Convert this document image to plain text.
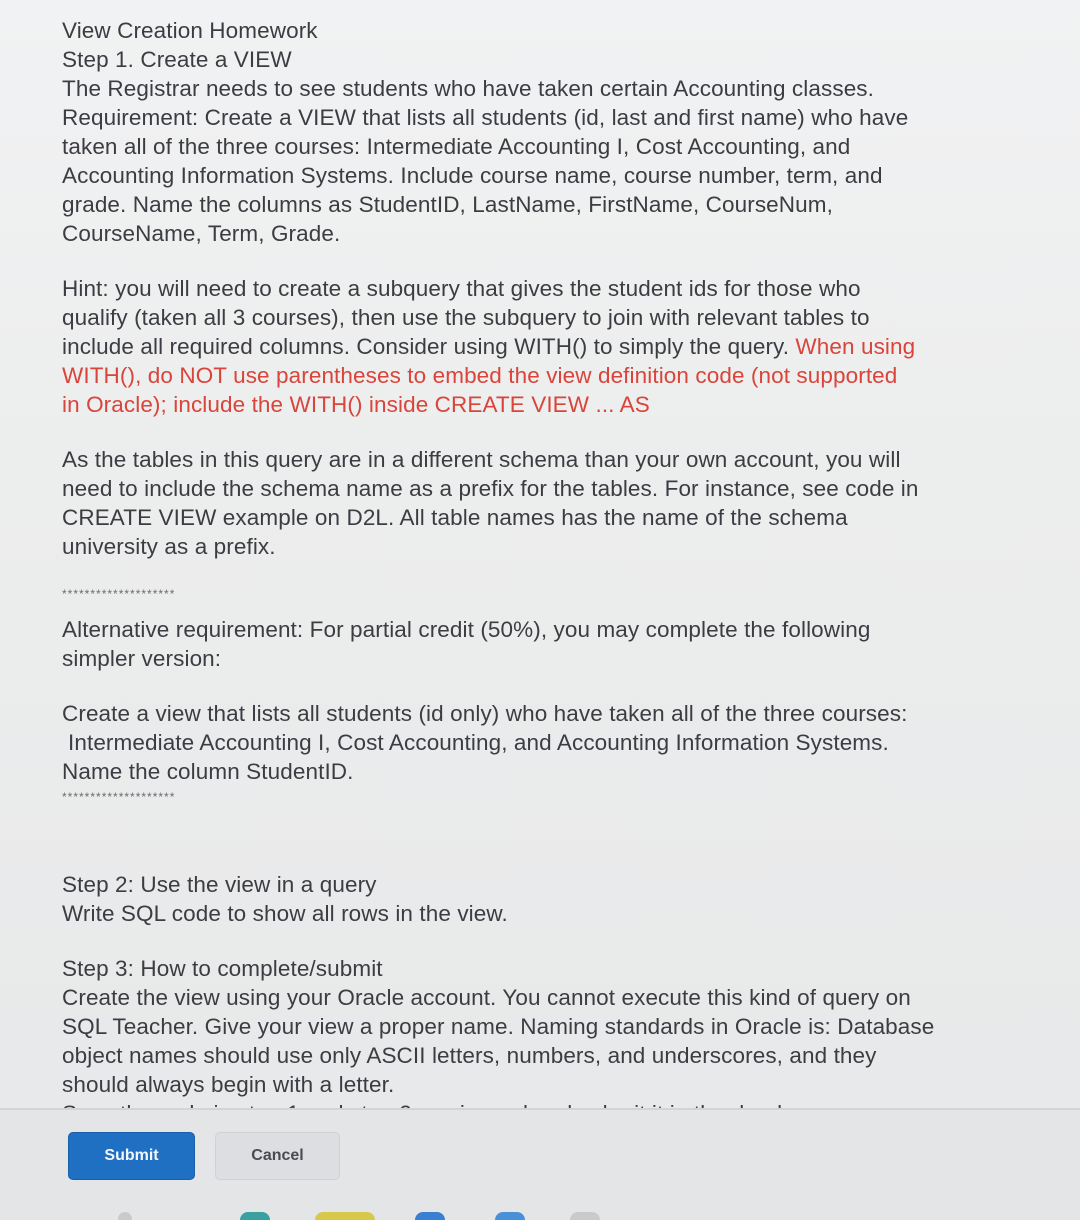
View Creation Homework

Step 1. Create a VIEW

The Registrar needs to see students who have taken certain Accounting classes.

Requirement: Create a VIEW that lists all students (id, last and first name) who have

taken all of the three courses: Intermediate Accounting I, Cost Accounting, and

Accounting Information Systems. Include course name, course number, term, and

grade. Name the columns as StudentID, LastName, FirstName, CourseNum,

CourseName, Term, Grade.

Hint: you will need to create a subquery that gives the student ids for those who

qualify (taken all 3 courses), then use the subquery to join with relevant tables to

include all required columns. Consider using WITH() to simply the query. When using

WITH(), do NOT use parentheses to embed the view definition code (not supported

in Oracle); include the WITH() inside CREATE VIEW ... AS

As the tables in this query are in a different schema than your own account, you will

need to include the schema name as a prefix for the tables. For instance, see code in

CREATE VIEW example on D2L. All table names has the name of the schema

university as a prefix.

********************

Alternative requirement: For partial credit (50%), you may complete the following

simpler version:

Create a view that lists all students (id only) who have taken all of the three courses:

Intermediate Accounting I, Cost Accounting, and Accounting Information Systems.

Name the column StudentID.

********************

Step 2: Use the view in a query

Write SQL code to show all rows in the view.

Step 3: How to complete/submit

Create the view using your Oracle account. You cannot execute this kind of query on

SQL Teacher. Give your view a proper name. Naming standards in Oracle is: Database

object names should use only ASCII letters, numbers, and underscores, and they

should always begin with a letter.

Submit	Cancel
